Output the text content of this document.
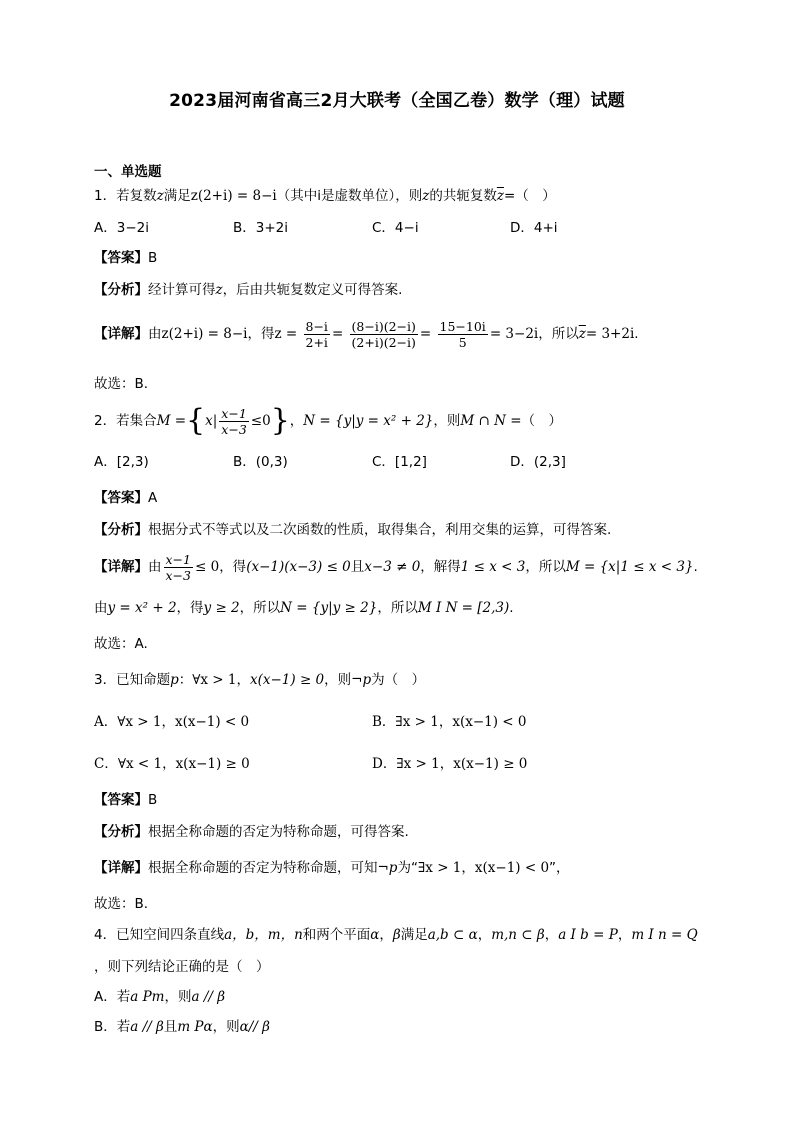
2023届河南省高三2月大联考（全国乙卷）数学（理）试题
一、单选题
1．若复数z满足z(2+i) = 8−i（其中i是虚数单位），则z的共轭复数$\overline{z}=$（　）
A．3−2i	B．3+2i	C．4−i	D．4+i
【答案】B
【分析】经计算可得z，后由共轭复数定义可得答案.
【详解】由z(2+i) = 8−i，得$z = \frac{8-i}{2+i} = \frac{(8-i)(2-i)}{(2+i)(2-i)} = \frac{15-10i}{5} = 3-2i$，所以$\overline{z}= 3+2i$.
故选：B.
2．若集合$M =\{x| \frac{x-1}{x-3} \le 0\}$，N = {y|y = x² + 2}，则M ∩ N =（　）
A．[2,3)	B．(0,3)	C．[1,2]	D．(2,3]
【答案】A
【分析】根据分式不等式以及二次函数的性质，取得集合，利用交集的运算，可得答案.
【详解】由 $\frac{x-1}{x-3} \le 0$，得(x−1)(x−3) ≤ 0且x−3 ≠ 0，解得1 ≤ x < 3，所以M = {x|1 ≤ x < 3}.
由y = x² + 2，得y ≥ 2，所以N = {y|y ≥ 2}，所以M I N = [2,3).
故选：A.
3．已知命题p：∀x > 1，x(x−1) ≥ 0，则¬p为（　）
A．∀x > 1，x(x−1) < 0	B．∃x > 1，x(x−1) < 0
C．∀x < 1，x(x−1) ≥ 0	D．∃x > 1，x(x−1) ≥ 0
【答案】B
【分析】根据全称命题的否定为特称命题，可得答案.
【详解】根据全称命题的否定为特称命题，可知¬p为“∃x > 1，x(x−1) < 0”，
故选：B.
4．已知空间四条直线a，b，m，n和两个平面α，β满足a,b ⊂ α，m,n ⊂ β，a I b = P，m I n = Q
，则下列结论正确的是（　）
A．若a Pm，则a // β
B．若a // β且m Pα，则α// β
